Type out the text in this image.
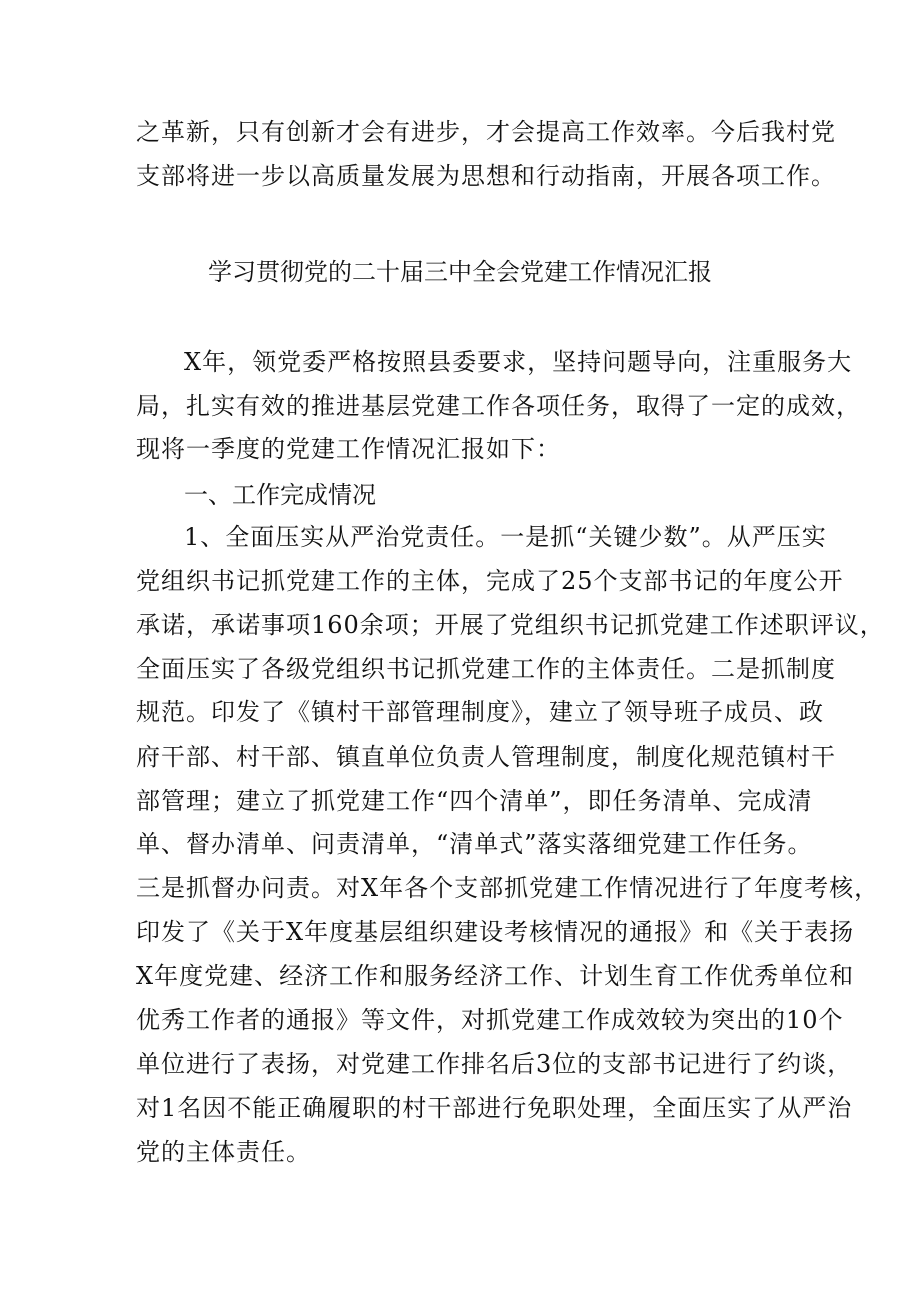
之革新，只有创新才会有进步，才会提高工作效率。今后我村党
支部将进一步以高质量发展为思想和行动指南，开展各项工作。
学习贯彻党的二十届三中全会党建工作情况汇报
X年，领党委严格按照县委要求，坚持问题导向，注重服务大
局，扎实有效的推进基层党建工作各项任务，取得了一定的成效，
现将一季度的党建工作情况汇报如下：
一、工作完成情况
1、全面压实从严治党责任。一是抓“关键少数”。从严压实
党组织书记抓党建工作的主体，完成了25个支部书记的年度公开
承诺，承诺事项160余项；开展了党组织书记抓党建工作述职评议，
全面压实了各级党组织书记抓党建工作的主体责任。二是抓制度
规范。印发了《镇村干部管理制度》，建立了领导班子成员、政
府干部、村干部、镇直单位负责人管理制度，制度化规范镇村干
部管理；建立了抓党建工作“四个清单”，即任务清单、完成清
单、督办清单、问责清单，“清单式”落实落细党建工作任务。
三是抓督办问责。对X年各个支部抓党建工作情况进行了年度考核，
印发了《关于X年度基层组织建设考核情况的通报》和《关于表扬
X年度党建、经济工作和服务经济工作、计划生育工作优秀单位和
优秀工作者的通报》等文件，对抓党建工作成效较为突出的10个
单位进行了表扬，对党建工作排名后3位的支部书记进行了约谈，
对1名因不能正确履职的村干部进行免职处理，全面压实了从严治
党的主体责任。
